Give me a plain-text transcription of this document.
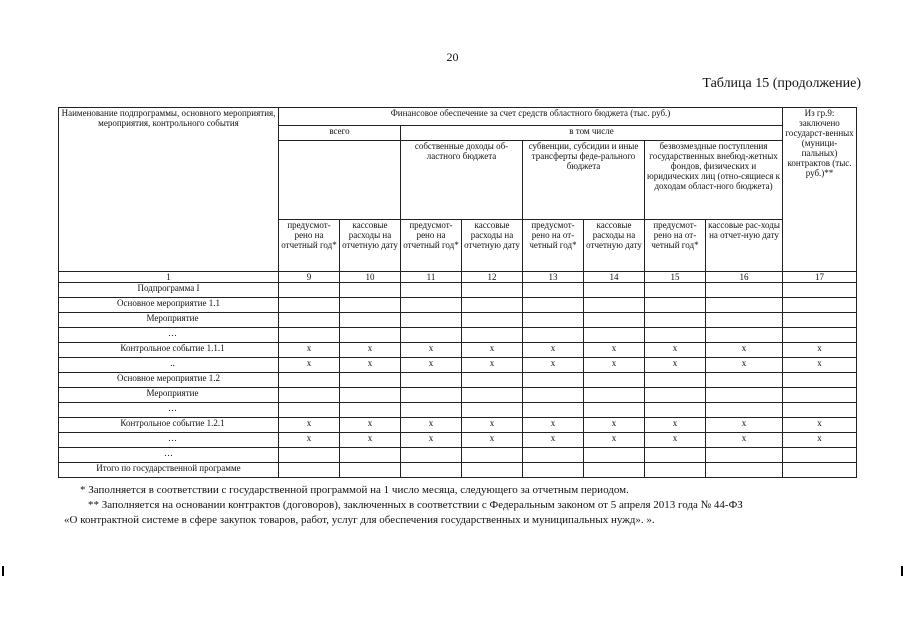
20
Таблица 15 (продолжение)
Наименование подпрограммы, основного мероприятия, мероприятия, контрольного события	Финансовое обеспечение за счет средств областного бюджета (тыс. руб.)								Из гр.9: заключено государст-венных (муници-пальных) контрактов (тыс. руб.)**
	всего		в том числе						
			собственные доходы об-ластного бюджета		субвенции, субсидии и иные трансферты феде-рального бюджета		безвозмездные поступления государственных внебюд-жетных фондов, физических и юридических лиц (отно-сящиеся к доходам област-ного бюджета)		
	предусмот-рено на отчетный год*	кассовые расходы на отчетную дату	предусмот-рено на отчетный год*	кассовые расходы на отчетную дату	предусмот-рено на от-четный год*	кассовые расходы на отчетную дату	предусмот-рено на от-четный год*	кассовые рас-ходы на отчет-ную дату	
1	9	10	11	12	13	14	15	16	17
Подпрограмма I									
Основное мероприятие 1.1									
Мероприятие									
…									
Контрольное событие 1.1.1	х	х	х	х	х	х	х	х	х
..	х	х	х	х	х	х	х	х	х
Основное мероприятие 1.2									
Мероприятие									
…									
Контрольное событие 1.2.1	х	х	х	х	х	х	х	х	х
…	х	х	х	х	х	х	х	х	х
…									
Итого по государственной программе									
* Заполняется в соответствии с государственной программой на 1 число месяца, следующего за отчетным периодом.
** Заполняется на основании контрактов (договоров), заключенных в соответствии с Федеральным законом от 5 апреля 2013 года № 44-ФЗ
«О контрактной системе в сфере закупок товаров, работ, услуг для обеспечения государственных и муниципальных нужд». ».
